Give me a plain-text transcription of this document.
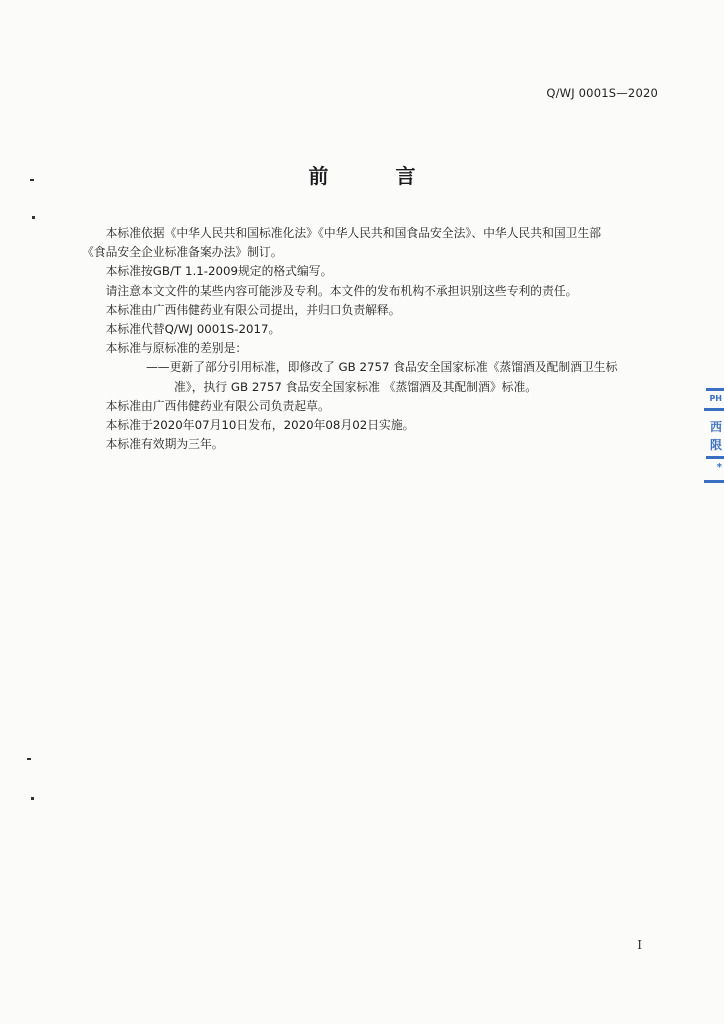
Q/WJ 0001S—2020
前 言

本标准依据《中华人民共和国标准化法》《中华人民共和国食品安全法》、中华人民共和国卫生部

《食品安全企业标准备案办法》制订。

本标准按GB/T 1.1-2009规定的格式编写。

请注意本文文件的某些内容可能涉及专利。本文件的发布机构不承担识别这些专利的责任。

本标准由广西伟健药业有限公司提出，并归口负责解释。

本标准代替Q/WJ 0001S-2017。

本标准与原标准的差别是：

——更新了部分引用标准，即修改了 GB 2757 食品安全国家标准《蒸馏酒及配制酒卫生标

准》，执行 GB 2757 食品安全国家标准 《蒸馏酒及其配制酒》标准。

本标准由广西伟健药业有限公司负责起草。

本标准于2020年07月10日发布，2020年08月02日实施。

本标准有效期为三年。

I
PH
西
限
*
